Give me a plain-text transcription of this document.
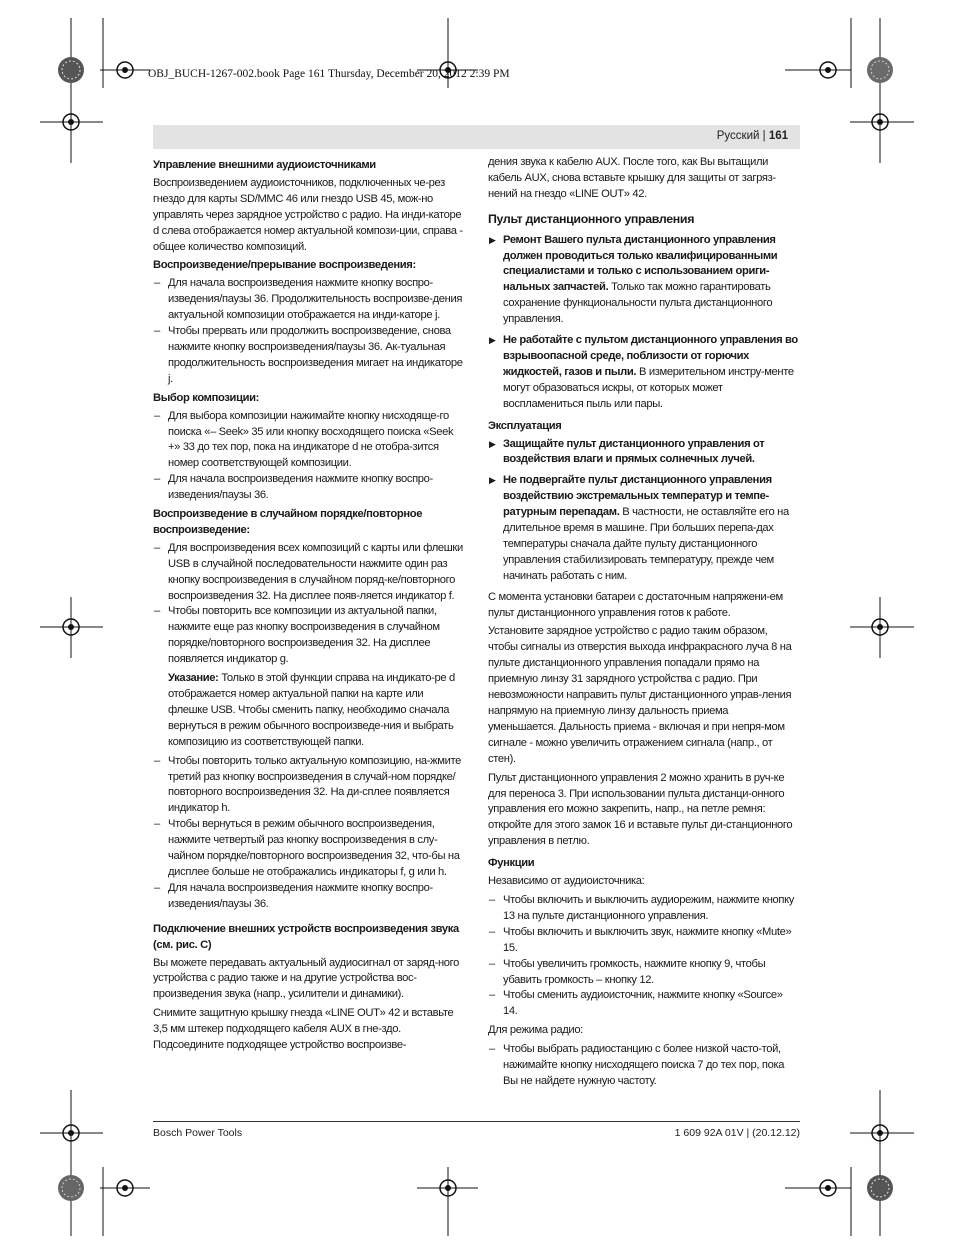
OBJ_BUCH-1267-002.book Page 161 Thursday, December 20, 2012 2:39 PM
Русский | 161

Управление внешними аудиоисточниками

Воспроизведением аудиоисточников, подключенных че-рез гнездо для карты SD/MMC 46 или гнездо USB 45, мож-но управлять через зарядное устройство с радио. На инди-каторе d слева отображается номер актуальной компози-ции, справа - общее количество композиций.

Воспроизведение/прерывание воспроизведения:

– Для начала воспроизведения нажмите кнопку воспро-изведения/паузы 36. Продолжительность воспроизве-дения актуальной композиции отображается на инди-каторе j.
– Чтобы прервать или продолжить воспроизведение, снова нажмите кнопку воспроизведения/паузы 36. Ак-туальная продолжительность воспроизведения мигает на индикаторе j.

Выбор композиции:

– Для выбора композиции нажимайте кнопку нисходяще-го поиска «– Seek» 35 или кнопку восходящего поиска «Seek +» 33 до тех пор, пока на индикаторе d не отобра-зится номер соответствующей композиции.
– Для начала воспроизведения нажмите кнопку воспро-изведения/паузы 36.

Воспроизведение в случайном порядке/повторное воспроизведение:

– Для воспроизведения всех композиций с карты или флешки USB в случайной последовательности нажмите один раз кнопку воспроизведения в случайном поряд-ке/повторного воспроизведения 32. На дисплее появ-ляется индикатор f.
– Чтобы повторить все композиции из актуальной папки, нажмите еще раз кнопку воспроизведения в случайном порядке/повторного воспроизведения 32. На дисплее появляется индикатор g.

Указание: Только в этой функции справа на индикато-ре d отображается номер актуальной папки на карте или флешке USB. Чтобы сменить папку, необходимо сначала вернуться в режим обычного воспроизведе-ния и выбрать композицию из соответствующей папки.

– Чтобы повторить только актуальную композицию, на-жмите третий раз кнопку воспроизведения в случай-ном порядке/повторного воспроизведения 32. На ди-сплее появляется индикатор h.
– Чтобы вернуться в режим обычного воспроизведения, нажмите четвертый раз кнопку воспроизведения в слу-чайном порядке/повторного воспроизведения 32, что-бы на дисплее больше не отображались индикаторы f, g или h.
– Для начала воспроизведения нажмите кнопку воспро-изведения/паузы 36.

Подключение внешних устройств воспроизведения звука (см. рис. C)

Вы можете передавать актуальный аудиосигнал от заряд-ного устройства с радио также и на другие устройства вос-произведения звука (напр., усилители и динамики).

Снимите защитную крышку гнезда «LINE OUT» 42 и вставьте 3,5 мм штекер подходящего кабеля AUX в гне-здо. Подсоедините подходящее устройство воспроизве-

дения звука к кабелю AUX. После того, как Вы вытащили кабель AUX, снова вставьте крышку для защиты от загряз-нений на гнездо «LINE OUT» 42.

Пульт дистанционного управления

▶ Ремонт Вашего пульта дистанционного управления должен проводиться только квалифицированными специалистами и только с использованием ориги-нальных запчастей. Только так можно гарантировать сохранение функциональности пульта дистанционного управления.

▶ Не работайте с пультом дистанционного управления во взрывоопасной среде, поблизости от горючих жидкостей, газов и пыли. В измерительном инстру-менте могут образоваться искры, от которых может воспламениться пыль или пары.

Эксплуатация

▶ Защищайте пульт дистанционного управления от воздействия влаги и прямых солнечных лучей.

▶ Не подвергайте пульт дистанционного управления воздействию экстремальных температур и темпе-ратурным перепадам. В частности, не оставляйте его на длительное время в машине. При больших перепа-дах температуры сначала дайте пульту дистанционного управления стабилизировать температуру, прежде чем начинать работать с ним.

С момента установки батареи с достаточным напряжени-ем пульт дистанционного управления готов к работе.

Установите зарядное устройство с радио таким образом, чтобы сигналы из отверстия выхода инфракрасного луча 8 на пульте дистанционного управления попадали прямо на приемную линзу 31 зарядного устройства с радио. При невозможности направить пульт дистанционного управ-ления напрямую на приемную линзу дальность приема уменьшается. Дальность приема - включая и при непря-мом сигнале - можно увеличить отражением сигнала (напр., от стен).

Пульт дистанционного управления 2 можно хранить в руч-ке для переноса 3. При использовании пульта дистанци-онного управления его можно закрепить, напр., на петле ремня: откройте для этого замок 16 и вставьте пульт ди-станционного управления в петлю.

Функции

Независимо от аудиоисточника:

– Чтобы включить и выключить аудиорежим, нажмите кнопку 13 на пульте дистанционного управления.
– Чтобы включить и выключить звук, нажмите кнопку «Mute» 15.
– Чтобы увеличить громкость, нажмите кнопку 9, чтобы убавить громкость – кнопку 12.
– Чтобы сменить аудиоисточник, нажмите кнопку «Source» 14.

Для режима радио:

– Чтобы выбрать радиостанцию с более низкой часто-той, нажимайте кнопку нисходящего поиска 7 до тех пор, пока Вы не найдете нужную частоту.
Bosch Power Tools	1 609 92A 01V | (20.12.12)
